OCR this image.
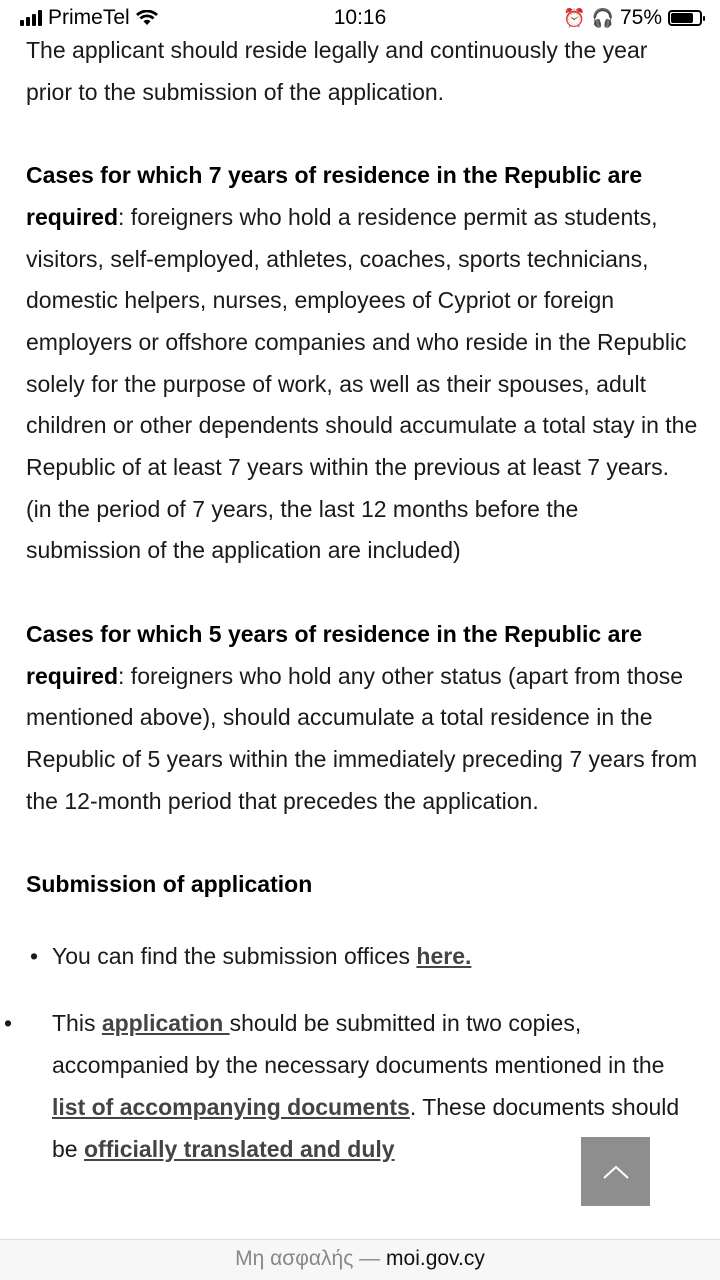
PrimeTel	10:16	⏰ 🎧 75%

The applicant should reside legally and continuously the year prior to the submission of the application.

Cases for which 7 years of residence in the Republic are required: foreigners who hold a residence permit as students, visitors, self-employed, athletes, coaches, sports technicians, domestic helpers, nurses, employees of Cypriot or foreign employers or offshore companies and who reside in the Republic solely for the purpose of work, as well as their spouses, adult children or other dependents should accumulate a total stay in the Republic of at least 7 years within the previous at least 7 years. (in the period of 7 years, the last 12 months before the submission of the application are included)

Cases for which 5 years of residence in the Republic are required: foreigners who hold any other status (apart from those mentioned above), should accumulate a total residence in the Republic of 5 years within the immediately preceding 7 years from the 12-month period that precedes the application.

Submission of application
• You can find the submission offices here.
• This application should be submitted in two copies, accompanied by the necessary documents mentioned in the list of accompanying documents. These documents should be officially translated and duly
Μη ασφαλής — moi.gov.cy
